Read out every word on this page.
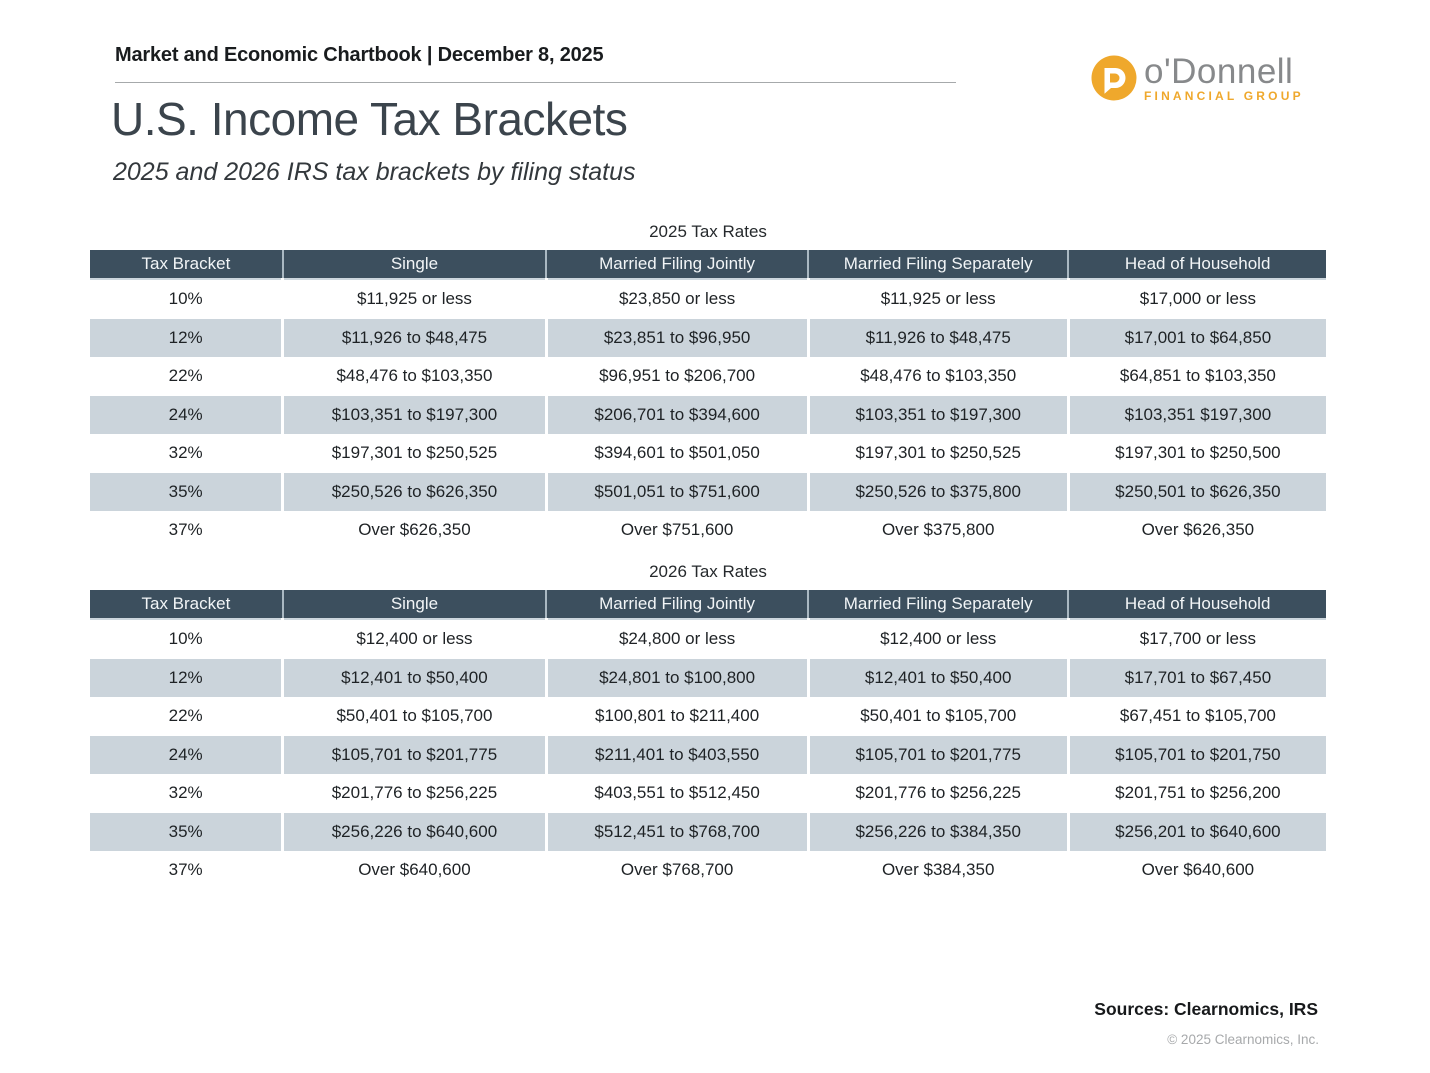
Market and Economic Chartbook | December 8, 2025	o'Donnell
FINANCIAL GROUP
U.S. Income Tax Brackets
2025 and 2026 IRS tax brackets by filing status
2025 Tax Rates
Tax Bracket	Single	Married Filing Jointly	Married Filing Separately	Head of Household
10%	$11,925 or less	$23,850 or less	$11,925 or less	$17,000 or less
12%	$11,926 to $48,475	$23,851 to $96,950	$11,926 to $48,475	$17,001 to $64,850
22%	$48,476 to $103,350	$96,951 to $206,700	$48,476 to $103,350	$64,851 to $103,350
24%	$103,351 to $197,300	$206,701 to $394,600	$103,351 to $197,300	$103,351 $197,300
32%	$197,301 to $250,525	$394,601 to $501,050	$197,301 to $250,525	$197,301 to $250,500
35%	$250,526 to $626,350	$501,051 to $751,600	$250,526 to $375,800	$250,501 to $626,350
37%	Over $626,350	Over $751,600	Over $375,800	Over $626,350
2026 Tax Rates
Tax Bracket	Single	Married Filing Jointly	Married Filing Separately	Head of Household
10%	$12,400 or less	$24,800 or less	$12,400 or less	$17,700 or less
12%	$12,401 to $50,400	$24,801 to $100,800	$12,401 to $50,400	$17,701 to $67,450
22%	$50,401 to $105,700	$100,801 to $211,400	$50,401 to $105,700	$67,451 to $105,700
24%	$105,701 to $201,775	$211,401 to $403,550	$105,701 to $201,775	$105,701 to $201,750
32%	$201,776 to $256,225	$403,551 to $512,450	$201,776 to $256,225	$201,751 to $256,200
35%	$256,226 to $640,600	$512,451 to $768,700	$256,226 to $384,350	$256,201 to $640,600
37%	Over $640,600	Over $768,700	Over $384,350	Over $640,600
Sources: Clearnomics, IRS
© 2025 Clearnomics, Inc.
